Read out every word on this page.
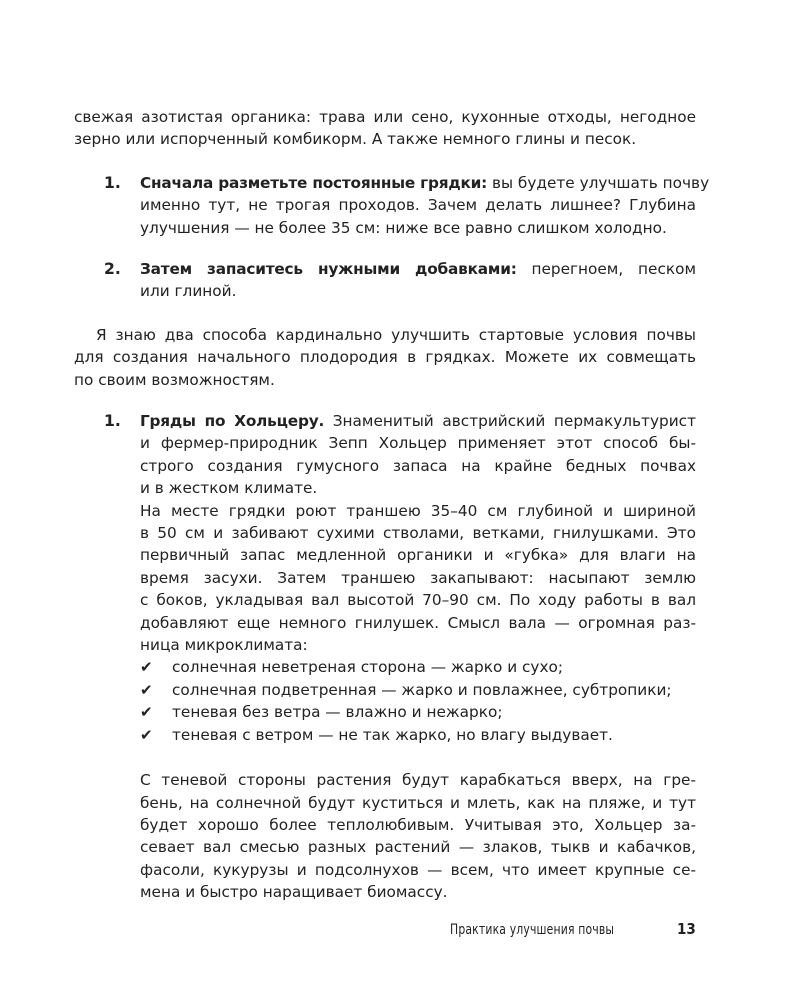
свежая азотистая органика: трава или сено, кухонные отходы, негодное
зерно или испорченный комбикорм. А также немного глины и песок.
1. Сначала разметьте постоянные грядки: вы будете улучшать почву
именно тут, не трогая проходов. Зачем делать лишнее? Глубина
улучшения — не более 35 см: ниже все равно слишком холодно.
2. Затем запаситесь нужными добавками: перегноем, песком
или глиной.
Я знаю два способа кардинально улучшить стартовые условия почвы
для создания начального плодородия в грядках. Можете их совмещать
по своим возможностям.
1. Гряды по Хольцеру. Знаменитый австрийский пермакультурист
и фермер-природник Зепп Хольцер применяет этот способ бы-
строго создания гумусного запаса на крайне бедных почвах
и в жестком климате.
На месте грядки роют траншею 35–40 см глубиной и шириной
в 50 см и забивают сухими стволами, ветками, гнилушками. Это
первичный запас медленной органики и «губка» для влаги на
время засухи. Затем траншею закапывают: насыпают землю
с боков, укладывая вал высотой 70–90 см. По ходу работы в вал
добавляют еще немного гнилушек. Смысл вала — огромная раз-
ница микроклимата:
✔ солнечная неветреная сторона — жарко и сухо;
✔ солнечная подветренная — жарко и повлажнее, субтропики;
✔ теневая без ветра — влажно и нежарко;
✔ теневая с ветром — не так жарко, но влагу выдувает.
С теневой стороны растения будут карабкаться вверх, на гре-
бень, на солнечной будут куститься и млеть, как на пляже, и тут
будет хорошо более теплолюбивым. Учитывая это, Хольцер за-
севает вал смесью разных растений — злаков, тыкв и кабачков,
фасоли, кукурузы и подсолнухов — всем, что имеет крупные се-
мена и быстро наращивает биомассу.
Практика улучшения почвы	13
